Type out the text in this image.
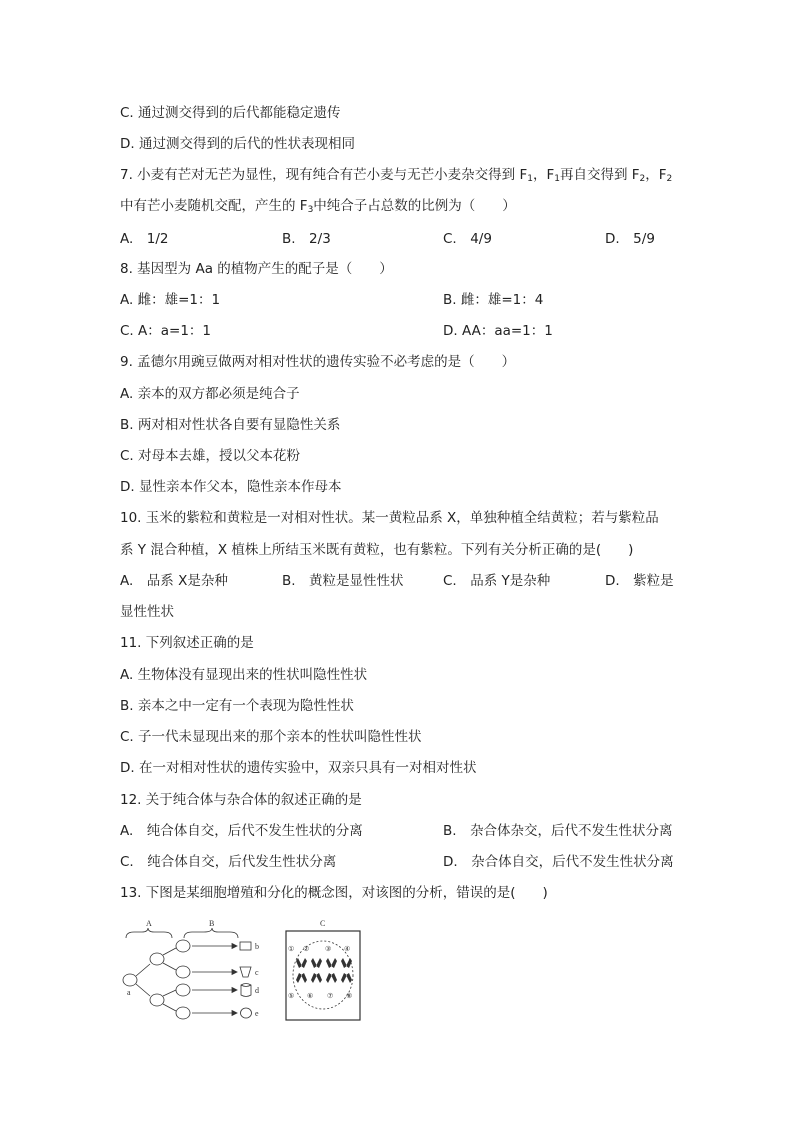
C. 通过测交得到的后代都能稳定遗传
D. 通过测交得到的后代的性状表现相同
7. 小麦有芒对无芒为显性，现有纯合有芒小麦与无芒小麦杂交得到 $F_1$，$F_1$再自交得到 $F_2$，$F_2$
中有芒小麦随机交配，产生的 $F_3$中纯合子占总数的比例为（　　）
A.　1/2	B.　2/3	C.　4/9	D.　5/9
8. 基因型为 Aa 的植物产生的配子是（　　）
A. 雌：雄=1：1	B. 雌：雄=1：4
C. A：a=1：1	D. AA：aa=1：1
9. 孟德尔用豌豆做两对相对性状的遗传实验不必考虑的是（　　）
A. 亲本的双方都必须是纯合子
B. 两对相对性状各自要有显隐性关系
C. 对母本去雄，授以父本花粉
D. 显性亲本作父本，隐性亲本作母本
10. 玉米的紫粒和黄粒是一对相对性状。某一黄粒品系 X，单独种植全结黄粒；若与紫粒品
系 Y 混合种植，X 植株上所结玉米既有黄粒，也有紫粒。下列有关分析正确的是(　　)
A.　品系 X是杂种	B.　黄粒是显性性状	C.　品系 Y是杂种	D.　紫粒是
显性性状
11. 下列叙述正确的是
A. 生物体没有显现出来的性状叫隐性性状
B. 亲本之中一定有一个表现为隐性性状
C. 子一代未显现出来的那个亲本的性状叫隐性性状
D. 在一对相对性状的遗传实验中，双亲只具有一对相对性状
12. 关于纯合体与杂合体的叙述正确的是
A.　纯合体自交，后代不发生性状的分离	B.　杂合体杂交，后代不发生性状分离
C.　纯合体自交，后代发生性状分离	D.　杂合体自交，后代不发生性状分离
13. 下图是某细胞增殖和分化的概念图，对该图的分析，错误的是(　　)
A	B
a
b
c
d
e
C
① ② ③ ④
⑤ ⑥ ⑦ ⑧
